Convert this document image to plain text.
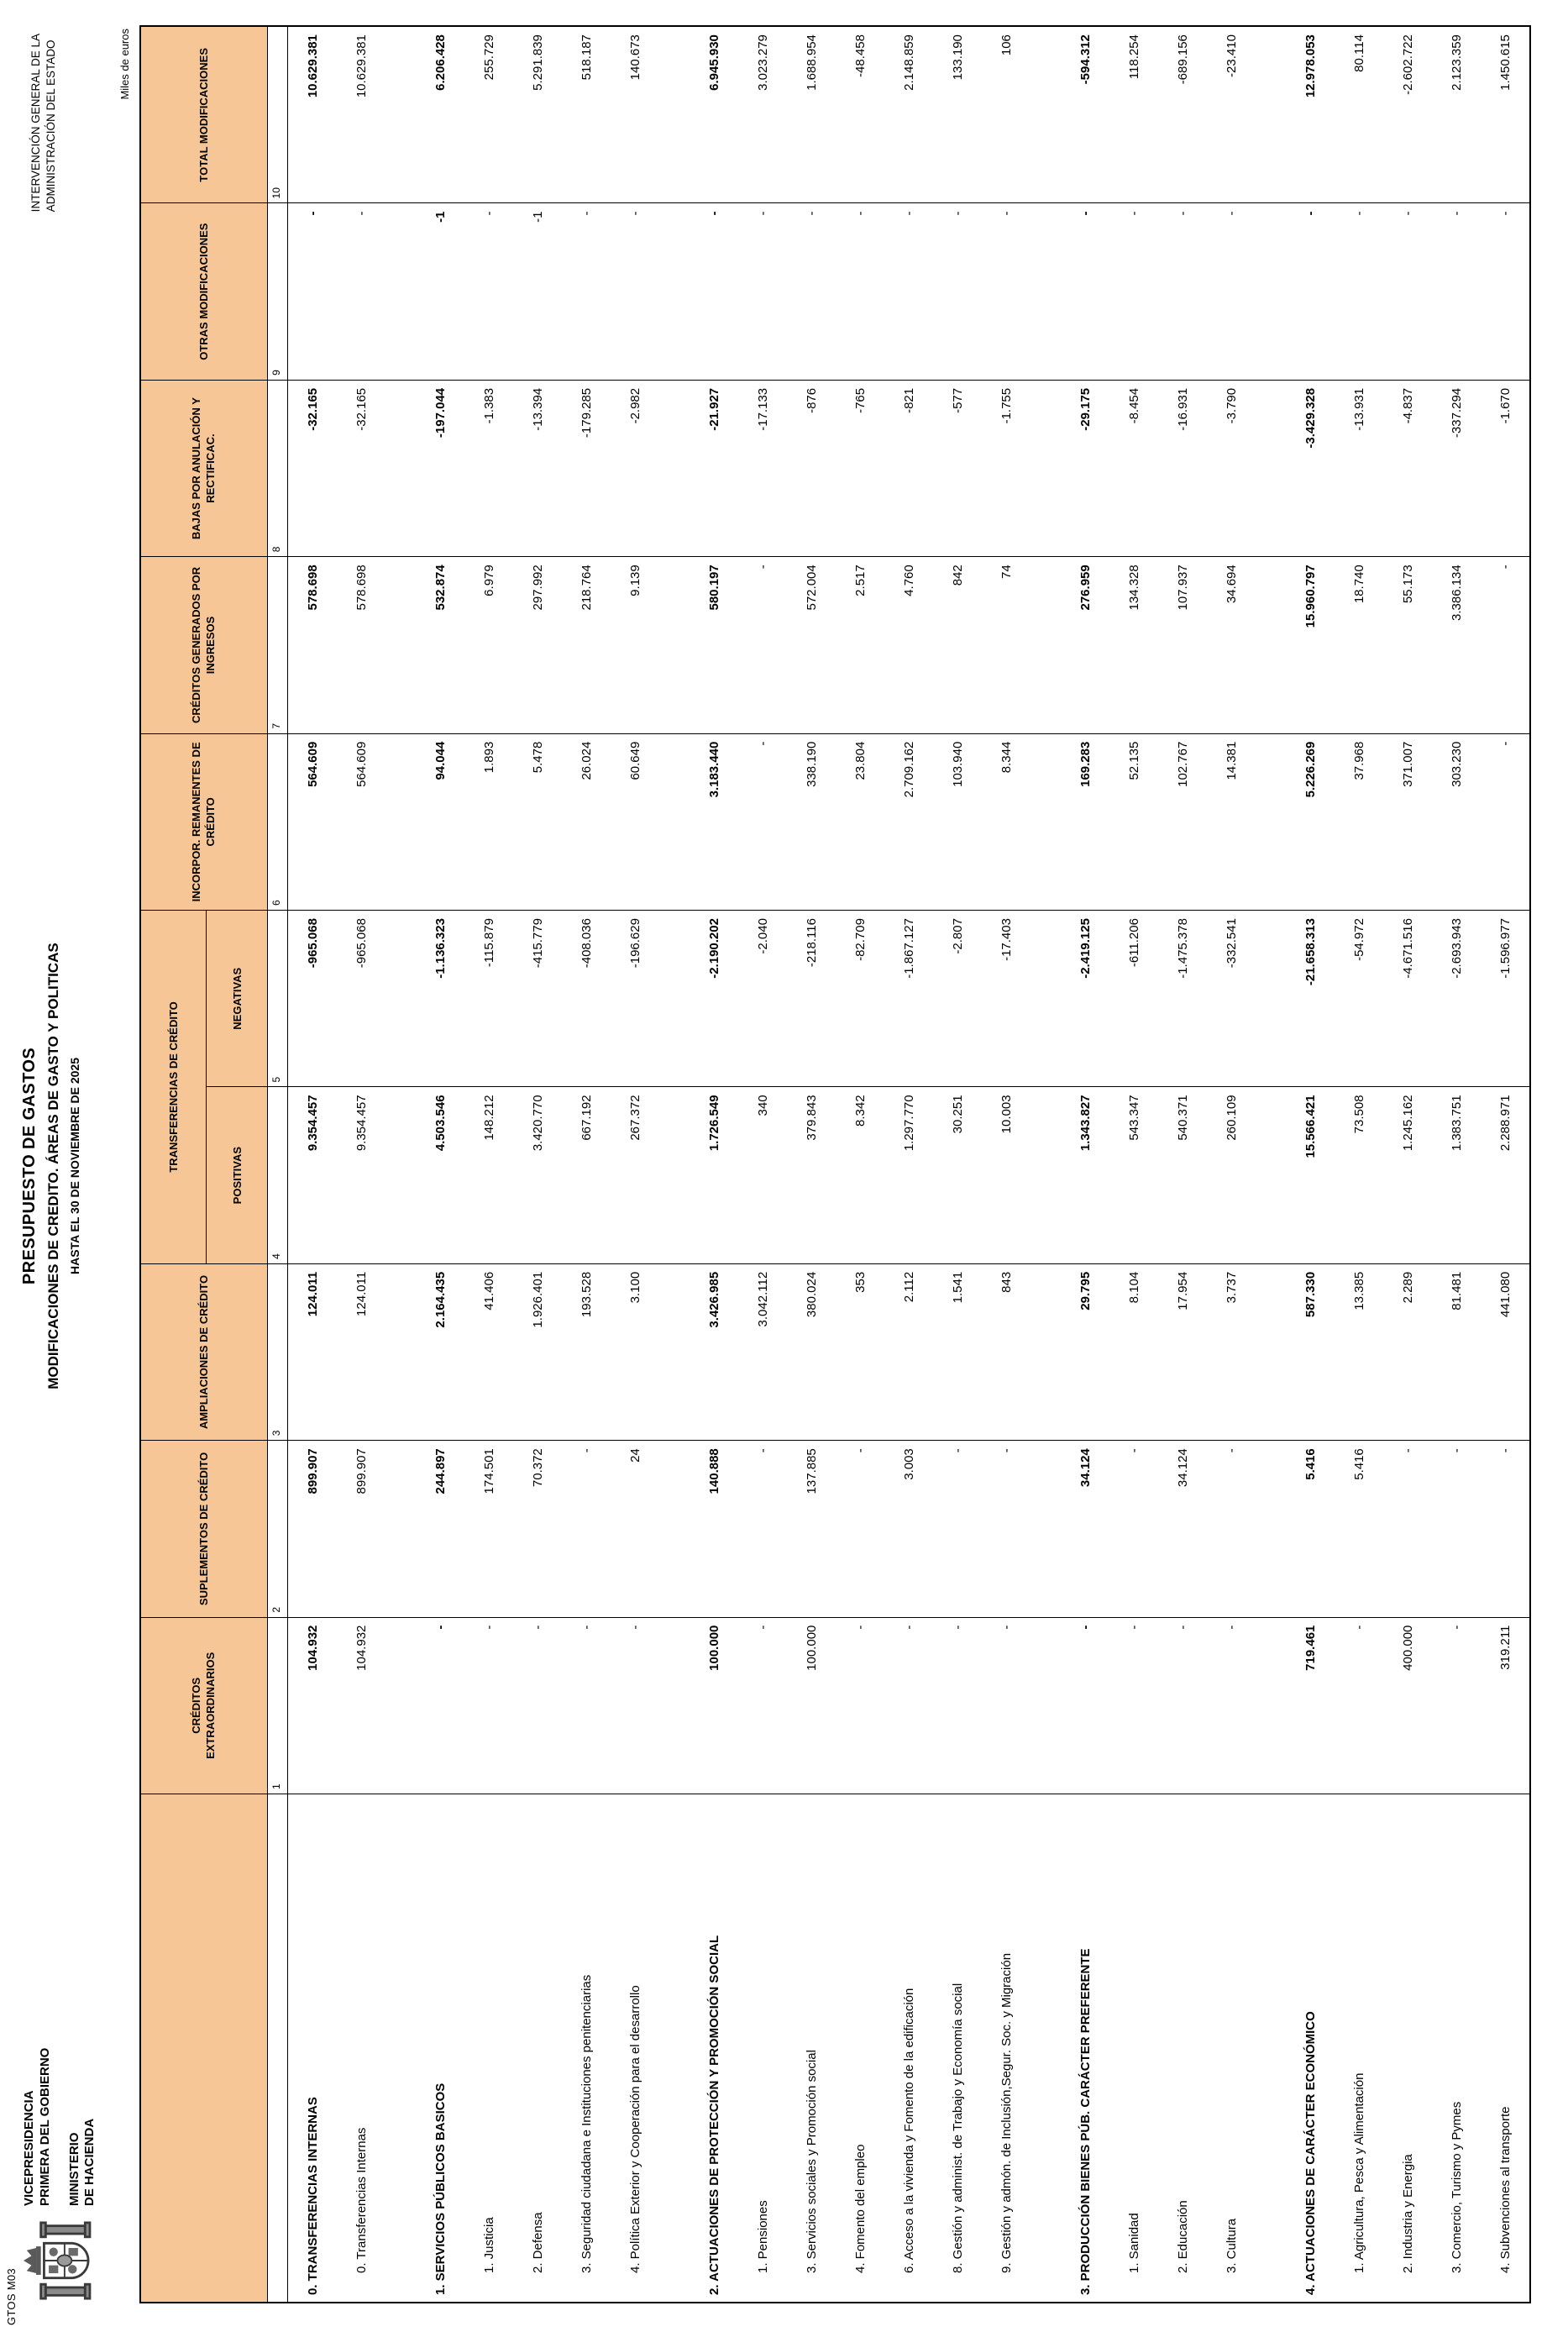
GTOS M03
VICEPRESIDENCIA PRIMERA DEL GOBIERNO MINISTERIO DE HACIENDA
PRESUPUESTO DE GASTOS MODIFICACIONES DE CREDITO. ÁREAS DE GASTO Y POLITICAS HASTA EL 30 DE NOVIEMBRE DE 2025
INTERVENCIÓN GENERAL DE LA ADMINISTRACIÓN DEL ESTADO	Miles de euros
CRÉDITOS EXTRAORDINARIOS
SUPLEMENTOS DE CRÉDITO
AMPLIACIONES DE CRÉDITO
TRANSFERENCIAS DE CRÉDITO
POSITIVAS
NEGATIVAS
INCORPOR. REMANENTES DE CRÉDITO
CRÉDITOS GENERADOS POR INGRESOS
BAJAS POR ANULACIÓN Y RECTIFICAC.
OTRAS MODIFICACIONES
TOTAL MODIFICACIONES
1
2
3
4
5
6
7
8
9
10
0. TRANSFERENCIAS INTERNAS
104.932
899.907
124.011
9.354.457
-965.068
564.609
578.698
-32.165
-
10.629.381
0. Transferencias Internas
104.932
899.907
124.011
9.354.457
-965.068
564.609
578.698
-32.165
-
10.629.381
1. SERVICIOS PÚBLICOS BASICOS
-
244.897
2.164.435
4.503.546
-1.136.323
94.044
532.874
-197.044
-1
6.206.428
1. Justicia
-
174.501
41.406
148.212
-115.879
1.893
6.979
-1.383
-
255.729
2. Defensa
-
70.372
1.926.401
3.420.770
-415.779
5.478
297.992
-13.394
-1
5.291.839
3. Seguridad ciudadana e Instituciones penitenciarias
-
-
193.528
667.192
-408.036
26.024
218.764
-179.285
-
518.187
4. Política Exterior y Cooperación para el desarrollo
-
24
3.100
267.372
-196.629
60.649
9.139
-2.982
-
140.673
2. ACTUACIONES DE PROTECCIÓN Y PROMOCIÓN SOCIAL
100.000
140.888
3.426.985
1.726.549
-2.190.202
3.183.440
580.197
-21.927
-
6.945.930
1. Pensiones
-
-
3.042.112
340
-2.040
-
-
-17.133
-
3.023.279
3. Servicios sociales y Promoción social
100.000
137.885
380.024
379.843
-218.116
338.190
572.004
-876
-
1.688.954
4. Fomento del empleo
-
-
353
8.342
-82.709
23.804
2.517
-765
-
-48.458
6. Acceso a la vivienda y Fomento de la edificación
-
3.003
2.112
1.297.770
-1.867.127
2.709.162
4.760
-821
-
2.148.859
8. Gestión y administ. de Trabajo y Economía social
-
-
1.541
30.251
-2.807
103.940
842
-577
-
133.190
9. Gestión y admón. de Inclusión,Segur. Soc. y Migración
-
-
843
10.003
-17.403
8.344
74
-1.755
-
106
3. PRODUCCIÓN BIENES PÚB. CARÁCTER PREFERENTE
-
34.124
29.795
1.343.827
-2.419.125
169.283
276.959
-29.175
-
-594.312
1. Sanidad
-
-
8.104
543.347
-611.206
52.135
134.328
-8.454
-
118.254
2. Educación
-
34.124
17.954
540.371
-1.475.378
102.767
107.937
-16.931
-
-689.156
3. Cultura
-
-
3.737
260.109
-332.541
14.381
34.694
-3.790
-
-23.410
4. ACTUACIONES DE CARÁCTER ECONÓMICO
719.461
5.416
587.330
15.566.421
-21.658.313
5.226.269
15.960.797
-3.429.328
-
12.978.053
1. Agricultura, Pesca y Alimentación
-
5.416
13.385
73.508
-54.972
37.968
18.740
-13.931
-
80.114
2. Industria y Energia
400.000
-
2.289
1.245.162
-4.671.516
371.007
55.173
-4.837
-
-2.602.722
3. Comercio, Turismo y Pymes
-
-
81.481
1.383.751
-2.693.943
303.230
3.386.134
-337.294
-
2.123.359
4. Subvenciones al transporte
319.211
-
441.080
2.288.971
-1.596.977
-
-
-1.670
-
1.450.615
